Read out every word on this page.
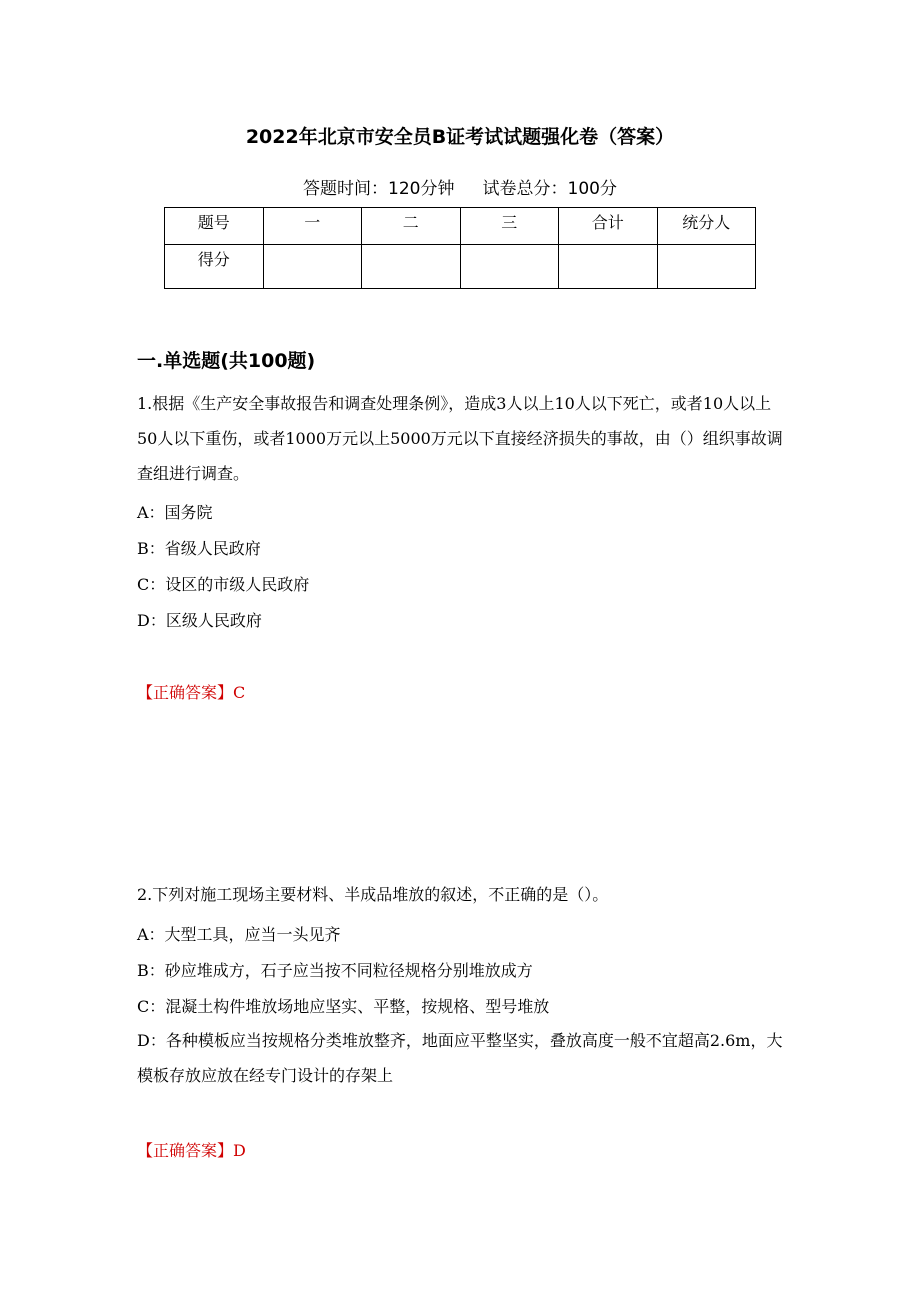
2022年北京市安全员B证考试试题强化卷（答案）
答题时间：120分钟 试卷总分：100分
题号	一	二	三	合计	统分人
得分					
一.单选题(共100题)
1.根据《生产安全事故报告和调查处理条例》，造成3人以上10人以下死亡，或者10人以上50人以下重伤，或者1000万元以上5000万元以下直接经济损失的事故，由（）组织事故调查组进行调查。
A：国务院
B：省级人民政府
C：设区的市级人民政府
D：区级人民政府
【正确答案】C
2.下列对施工现场主要材料、半成品堆放的叙述，不正确的是（）。
A：大型工具，应当一头见齐
B：砂应堆成方，石子应当按不同粒径规格分别堆放成方
C：混凝土构件堆放场地应坚实、平整，按规格、型号堆放
D：各种模板应当按规格分类堆放整齐，地面应平整坚实，叠放高度一般不宜超高2.6m，大模板存放应放在经专门设计的存架上
【正确答案】D
